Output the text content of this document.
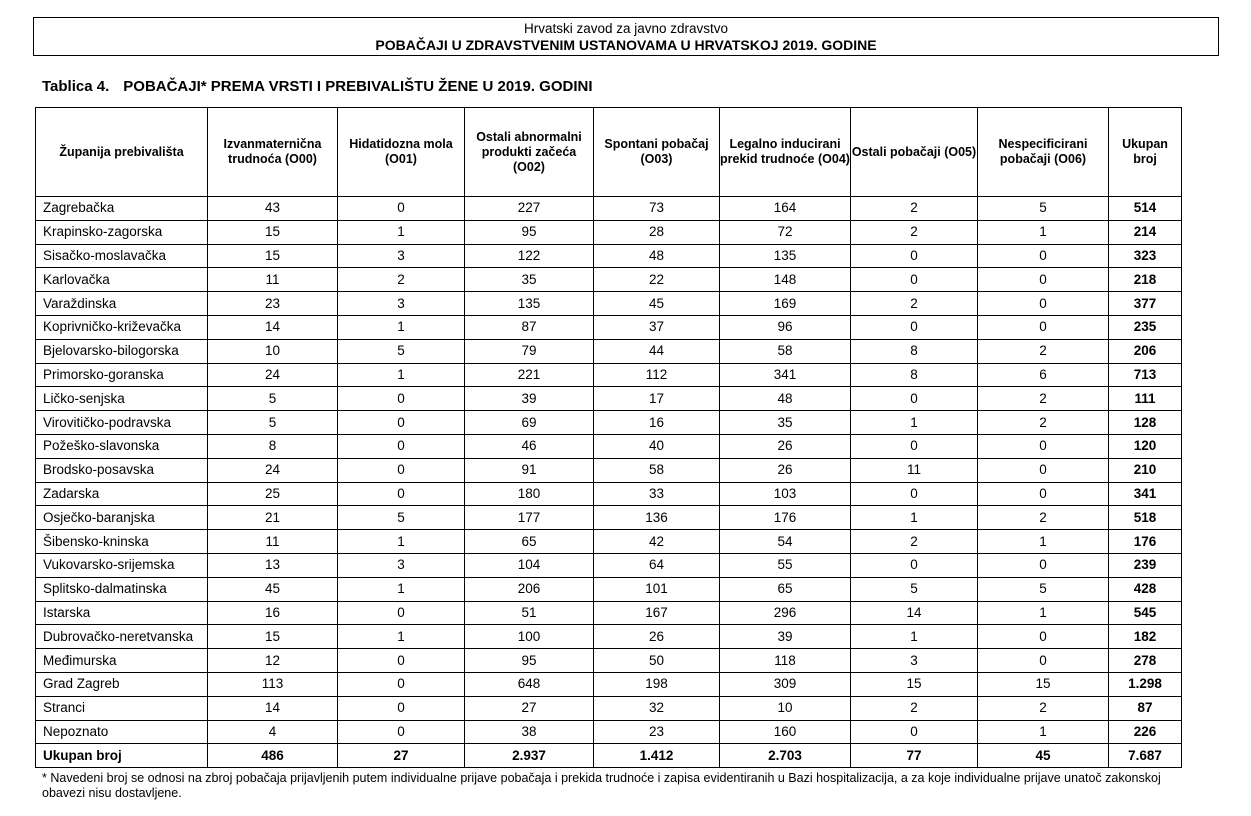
Hrvatski zavod za javno zdravstvo
POBAČAJI U ZDRAVSTVENIM USTANOVAMA U HRVATSKOJ 2019. GODINE
Tablica 4. POBAČAJI* PREMA VRSTI I PREBIVALIŠTU ŽENE U 2019. GODINI
Županija prebivališta	Izvanmaternična trudnoća (O00)	Hidatidozna mola (O01)	Ostali abnormalni produkti začeća (O02)	Spontani pobačaj (O03)	Legalno inducirani prekid trudnoće (O04)	Ostali pobačaji (O05)	Nespecificirani pobačaji (O06)	Ukupan broj
Zagrebačka	43	0	227	73	164	2	5	514
Krapinsko-zagorska	15	1	95	28	72	2	1	214
Sisačko-moslavačka	15	3	122	48	135	0	0	323
Karlovačka	11	2	35	22	148	0	0	218
Varaždinska	23	3	135	45	169	2	0	377
Koprivničko-križevačka	14	1	87	37	96	0	0	235
Bjelovarsko-bilogorska	10	5	79	44	58	8	2	206
Primorsko-goranska	24	1	221	112	341	8	6	713
Ličko-senjska	5	0	39	17	48	0	2	111
Virovitičko-podravska	5	0	69	16	35	1	2	128
Požeško-slavonska	8	0	46	40	26	0	0	120
Brodsko-posavska	24	0	91	58	26	11	0	210
Zadarska	25	0	180	33	103	0	0	341
Osječko-baranjska	21	5	177	136	176	1	2	518
Šibensko-kninska	11	1	65	42	54	2	1	176
Vukovarsko-srijemska	13	3	104	64	55	0	0	239
Splitsko-dalmatinska	45	1	206	101	65	5	5	428
Istarska	16	0	51	167	296	14	1	545
Dubrovačko-neretvanska	15	1	100	26	39	1	0	182
Međimurska	12	0	95	50	118	3	0	278
Grad Zagreb	113	0	648	198	309	15	15	1.298
Stranci	14	0	27	32	10	2	2	87
Nepoznato	4	0	38	23	160	0	1	226
Ukupan broj	486	27	2.937	1.412	2.703	77	45	7.687
* Navedeni broj se odnosi na zbroj pobačaja prijavljenih putem individualne prijave pobačaja i prekida trudnoće i zapisa evidentiranih u Bazi hospitalizacija, a za koje individualne prijave unatoč zakonskoj obavezi nisu dostavljene.
